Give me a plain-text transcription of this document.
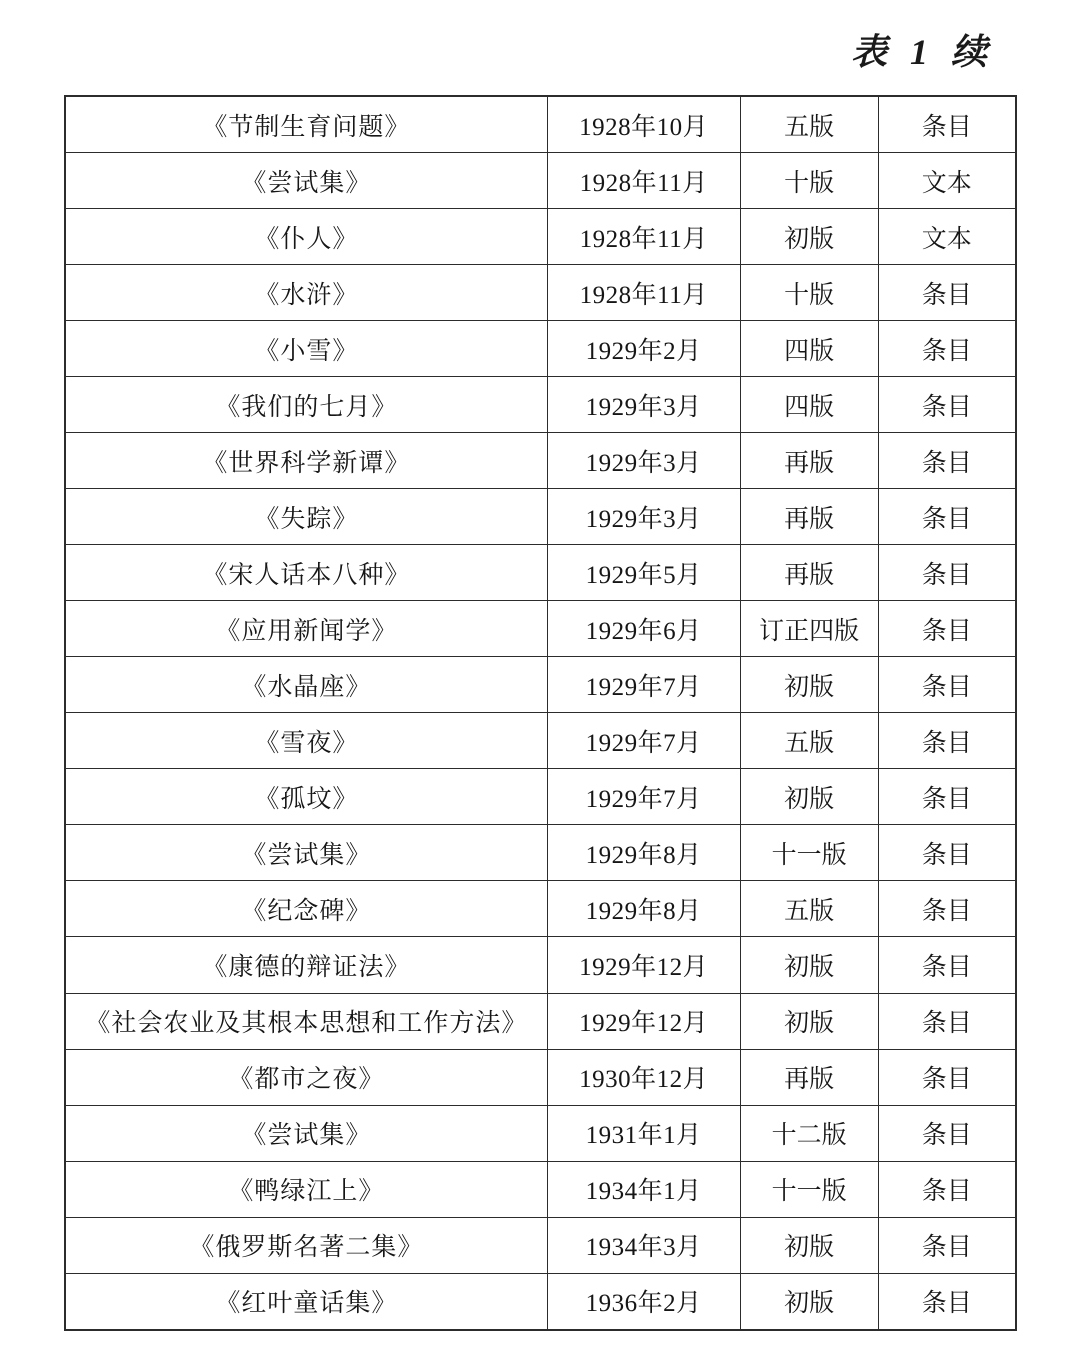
表 1 续
《节制生育问题》	1928年10月	五版	条目
《尝试集》	1928年11月	十版	文本
《仆人》	1928年11月	初版	文本
《水浒》	1928年11月	十版	条目
《小雪》	1929年2月	四版	条目
《我们的七月》	1929年3月	四版	条目
《世界科学新谭》	1929年3月	再版	条目
《失踪》	1929年3月	再版	条目
《宋人话本八种》	1929年5月	再版	条目
《应用新闻学》	1929年6月	订正四版	条目
《水晶座》	1929年7月	初版	条目
《雪夜》	1929年7月	五版	条目
《孤坟》	1929年7月	初版	条目
《尝试集》	1929年8月	十一版	条目
《纪念碑》	1929年8月	五版	条目
《康德的辩证法》	1929年12月	初版	条目
《社会农业及其根本思想和工作方法》	1929年12月	初版	条目
《都市之夜》	1930年12月	再版	条目
《尝试集》	1931年1月	十二版	条目
《鸭绿江上》	1934年1月	十一版	条目
《俄罗斯名著二集》	1934年3月	初版	条目
《红叶童话集》	1936年2月	初版	条目
